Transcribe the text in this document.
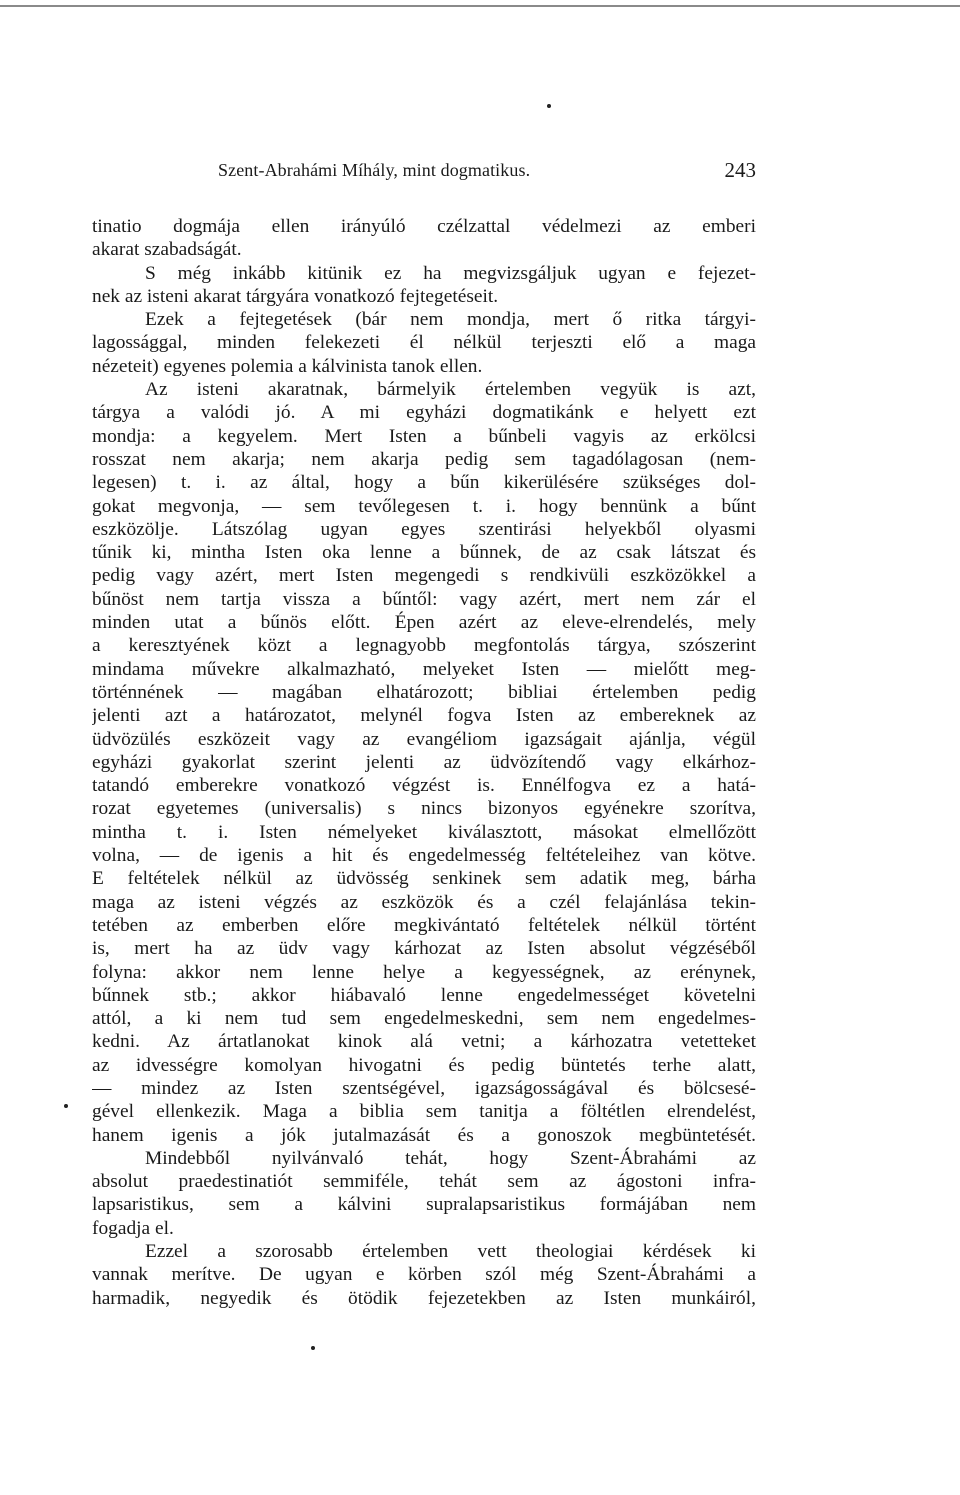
Szent-Abrahámi Míhály, mint dogmatikus.	243
tinatio dogmája ellen irányúló czélzattal védelmezi az emberi
akarat szabadságát.
S még inkább kitünik ez ha megvizsgáljuk ugyan e fejezet-
nek az isteni akarat tárgyára vonatkozó fejtegetéseit.
Ezek a fejtegetések (bár nem mondja, mert ő ritka tárgyi-
lagossággal, minden felekezeti él nélkül terjeszti elő a maga
nézeteit) egyenes polemia a kálvinista tanok ellen.
Az isteni akaratnak, bármelyik értelemben vegyük is azt,
tárgya a valódi jó. A mi egyházi dogmatikánk e helyett ezt
mondja: a kegyelem. Mert Isten a bűnbeli vagyis az erkölcsi
rosszat nem akarja; nem akarja pedig sem tagadólagosan (nem-
legesen) t. i. az által, hogy a bűn kikerülésére szükséges dol-
gokat megvonja, — sem tevőlegesen t. i. hogy bennünk a bűnt
eszközölje. Látszólag ugyan egyes szentirási helyekből olyasmi
tűnik ki, mintha Isten oka lenne a bűnnek, de az csak látszat és
pedig vagy azért, mert Isten megengedi s rendkivüli eszközökkel a
bűnöst nem tartja vissza a bűntől: vagy azért, mert nem zár el
minden utat a bűnös előtt. Épen azért az eleve-elrendelés, mely
a keresztyének közt a legnagyobb megfontolás tárgya, szószerint
mindama művekre alkalmazható, melyeket Isten — mielőtt meg-
történnének — magában elhatározott; bibliai értelemben pedig
jelenti azt a határozatot, melynél fogva Isten az embereknek az
üdvözülés eszközeit vagy az evangéliom igazságait ajánlja, végül
egyházi gyakorlat szerint jelenti az üdvözítendő vagy elkárhoz-
tatandó emberekre vonatkozó végzést is. Ennélfogva ez a hatá-
rozat egyetemes (universalis) s nincs bizonyos egyénekre szorítva,
mintha t. i. Isten némelyeket kiválasztott, másokat elmellőzött
volna, — de igenis a hit és engedelmesség feltételeihez van kötve.
E feltételek nélkül az üdvösség senkinek sem adatik meg, bárha
maga az isteni végzés az eszközök és a czél felajánlása tekin-
tetében az emberben előre megkivántató feltételek nélkül történt
is, mert ha az üdv vagy kárhozat az Isten absolut végzéséből
folyna: akkor nem lenne helye a kegyességnek, az erénynek,
bűnnek stb.; akkor hiábavaló lenne engedelmességet követelni
attól, a ki nem tud sem engedelmeskedni, sem nem engedelmes-
kedni. Az ártatlanokat kinok alá vetni; a kárhozatra vetetteket
az idvességre komolyan hivogatni és pedig büntetés terhe alatt,
— mindez az Isten szentségével, igazságosságával és bölcsesé-
gével ellenkezik. Maga a biblia sem tanitja a föltétlen elrendelést,
hanem igenis a jók jutalmazását és a gonoszok megbüntetését.
Mindebből nyilvánvaló tehát, hogy Szent-Ábrahámi az
absolut praedestinatiót semmiféle, tehát sem az ágostoni infra-
lapsaristikus, sem a kálvini supralapsaristikus formájában nem
fogadja el.
Ezzel a szorosabb értelemben vett theologiai kérdések ki
vannak merítve. De ugyan e körben szól még Szent-Ábrahámi a
harmadik, negyedik és ötödik fejezetekben az Isten munkáiról,
